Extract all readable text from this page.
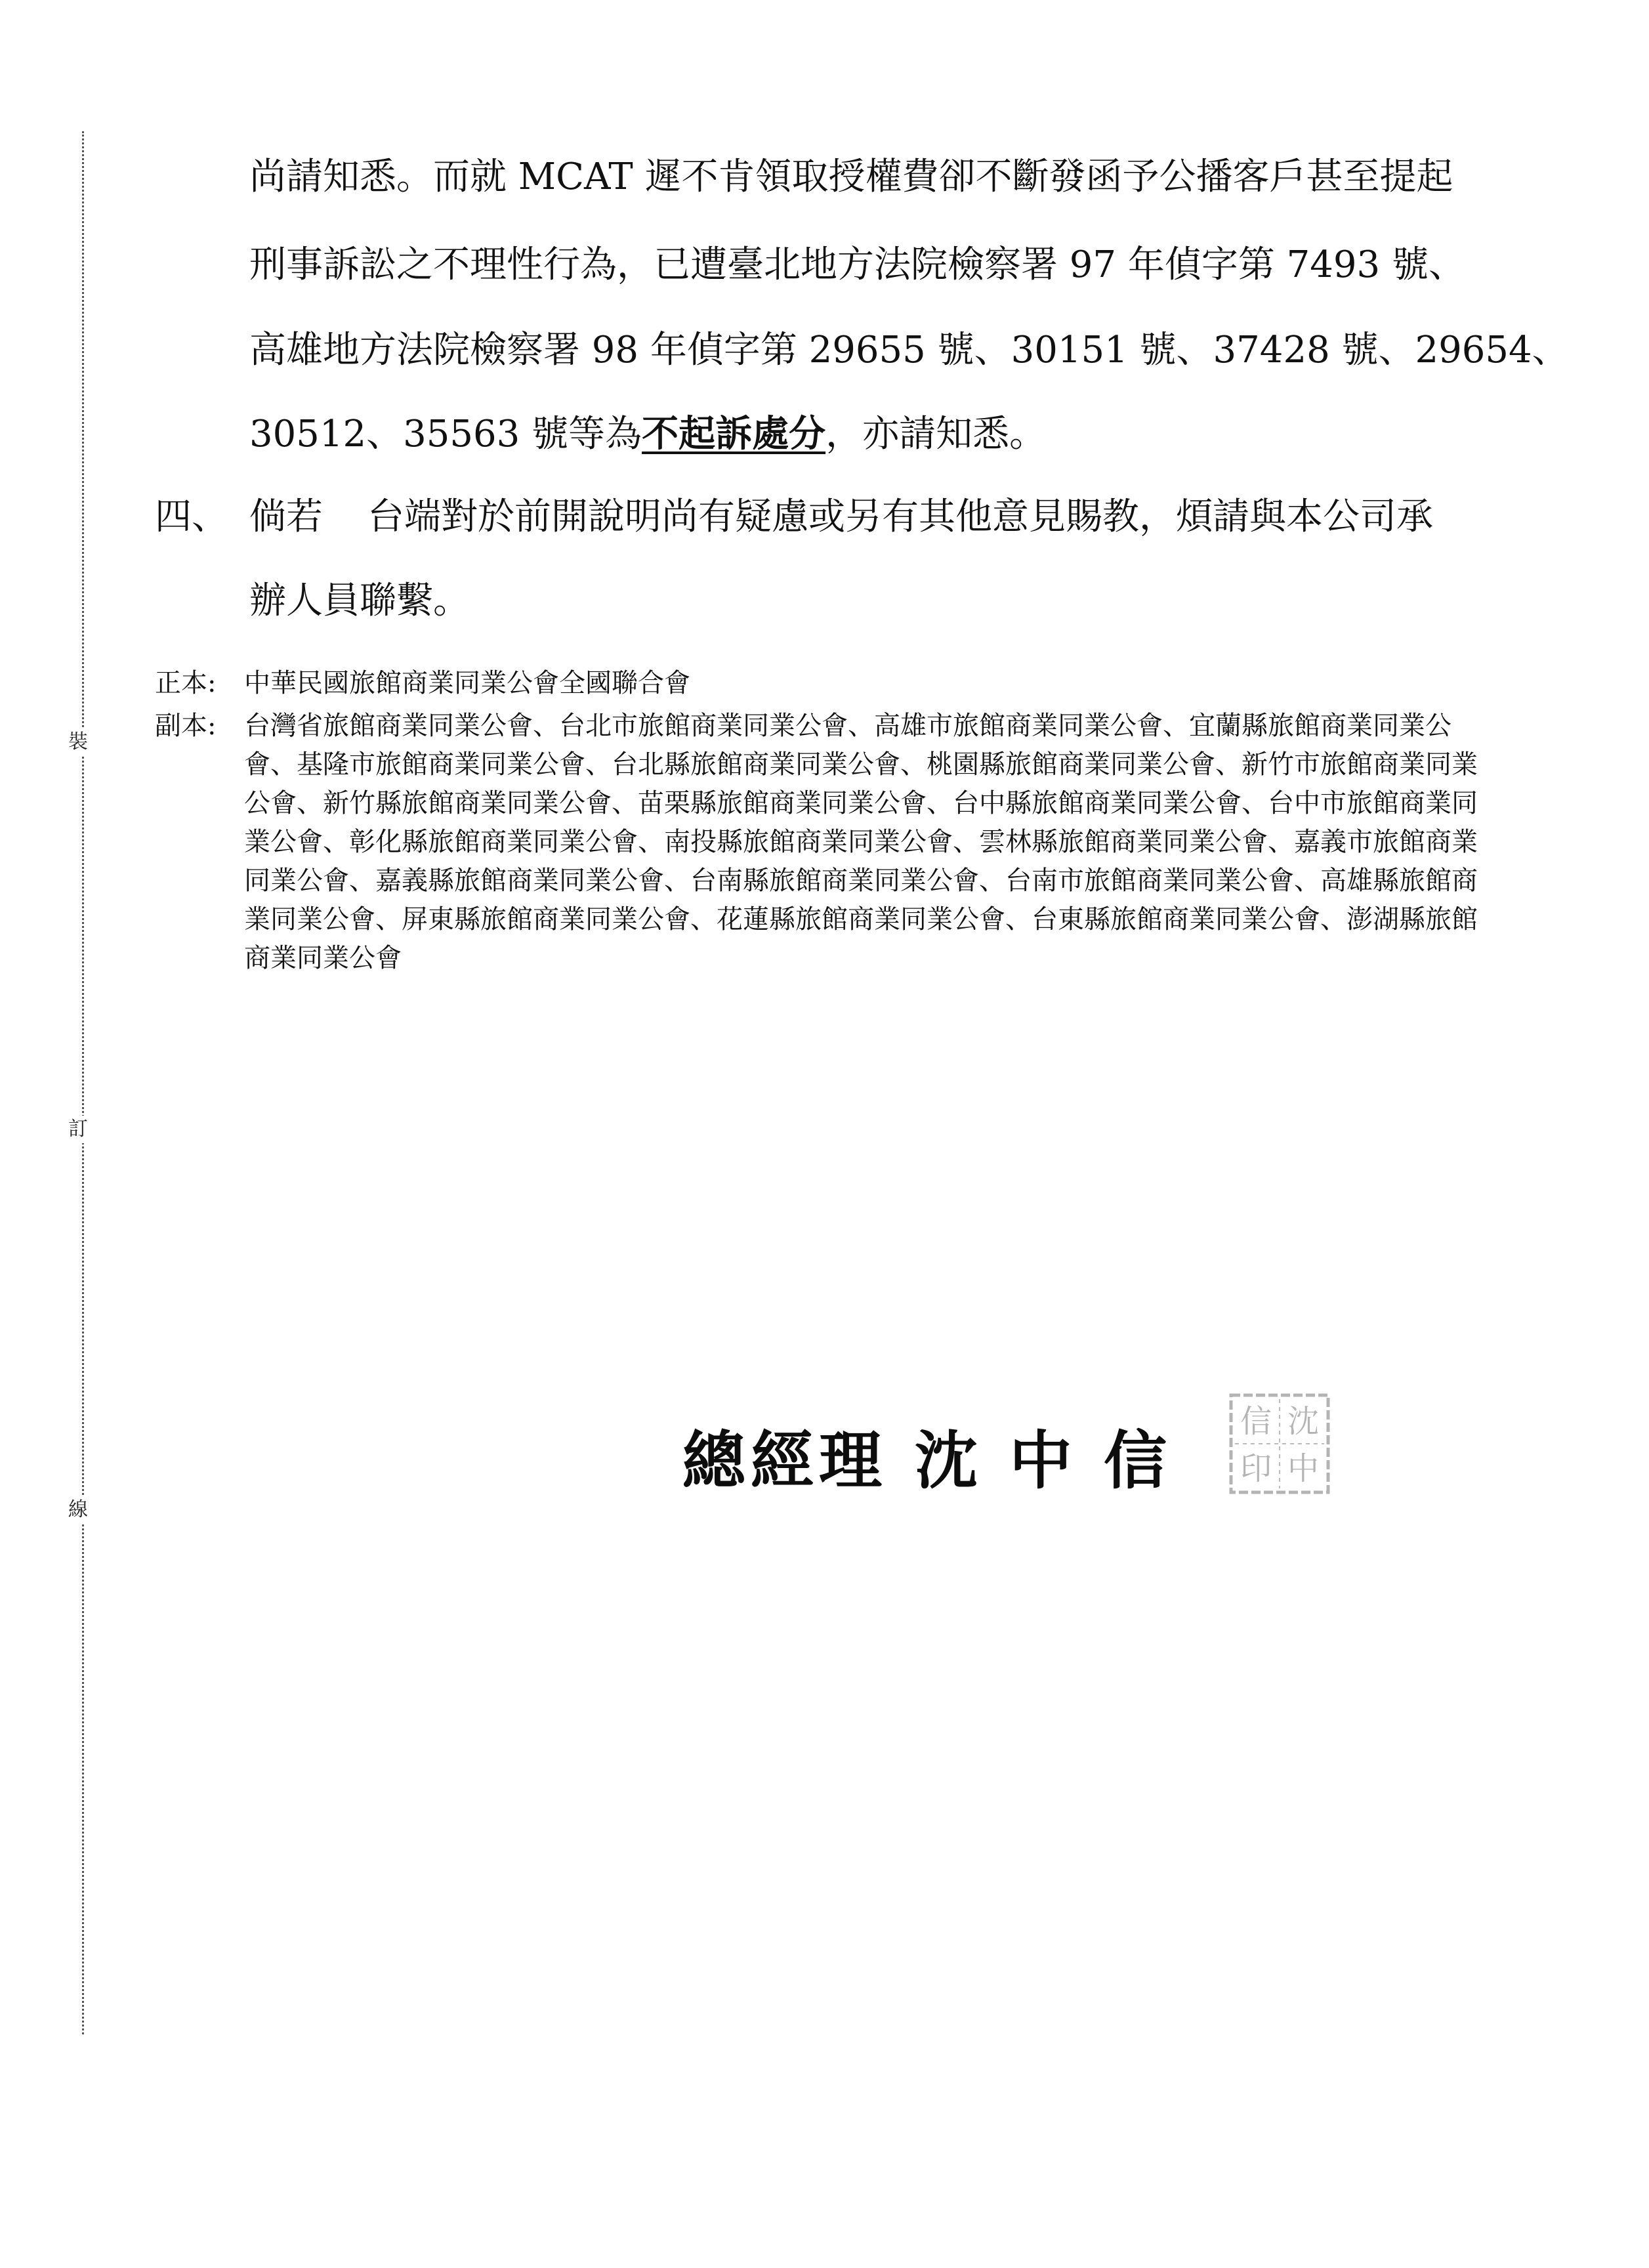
裝
訂
線
尚請知悉。而就 MCAT 遲不肯領取授權費卻不斷發函予公播客戶甚至提起
刑事訴訟之不理性行為，已遭臺北地方法院檢察署 97 年偵字第 7493 號、
高雄地方法院檢察署 98 年偵字第 29655 號、30151 號、37428 號、29654、
30512、35563 號等為不起訴處分，亦請知悉。
四、 倘若 台端對於前開說明尚有疑慮或另有其他意見賜教，煩請與本公司承
辦人員聯繫。
正本:	中華民國旅館商業同業公會全國聯合會
副本:	台灣省旅館商業同業公會、台北市旅館商業同業公會、高雄市旅館商業同業公會、宜蘭縣旅館商業同業公會、基隆市旅館商業同業公會、台北縣旅館商業同業公會、桃園縣旅館商業同業公會、新竹市旅館商業同業公會、新竹縣旅館商業同業公會、苗栗縣旅館商業同業公會、台中縣旅館商業同業公會、台中市旅館商業同業公會、彰化縣旅館商業同業公會、南投縣旅館商業同業公會、雲林縣旅館商業同業公會、嘉義市旅館商業同業公會、嘉義縣旅館商業同業公會、台南縣旅館商業同業公會、台南市旅館商業同業公會、高雄縣旅館商業同業公會、屏東縣旅館商業同業公會、花蓮縣旅館商業同業公會、台東縣旅館商業同業公會、澎湖縣旅館商業同業公會
總經理 沈中信
信 沈
印 中
